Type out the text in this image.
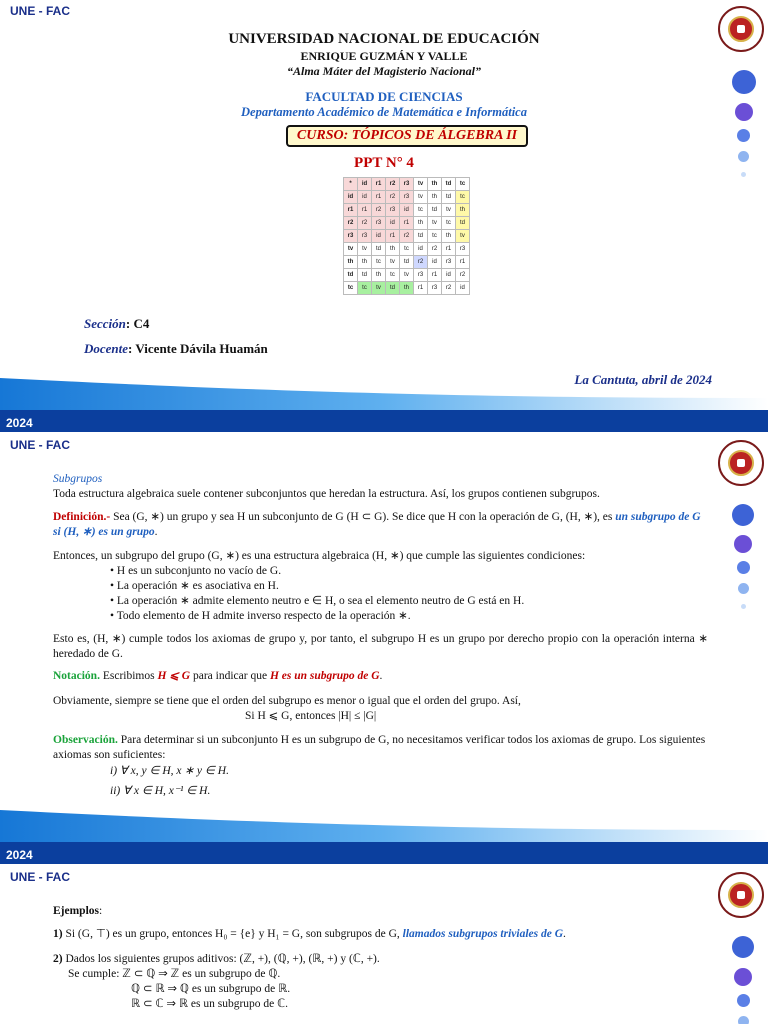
UNE - FAC
UNIVERSIDAD NACIONAL DE EDUCACIÓN
ENRIQUE GUZMÁN Y VALLE
“Alma Máter del Magisterio Nacional”
FACULTAD DE CIENCIAS
Departamento Académico de Matemática e Informática
CURSO: TÓPICOS DE ÁLGEBRA II
PPT N° 4
*	id	r1	r2	r3	tv	th	td	tc
id	id	r1	r2	r3	tv	th	td	tc
r1	r1	r2	r3	id	tc	td	tv	th
r2	r2	r3	id	r1	th	tv	tc	td
r3	r3	id	r1	r2	td	tc	th	tv
tv	tv	td	th	tc	id	r2	r1	r3
th	th	tc	tv	td	r2	id	r3	r1
td	td	th	tc	tv	r3	r1	id	r2
tc	tc	tv	td	th	r1	r3	r2	id
Sección: C4
Docente: Vicente Dávila Huamán
La Cantuta, abril de 2024
2024
UNE - FAC
Subgrupos
Toda estructura algebraica suele contener subconjuntos que heredan la estructura. Así, los grupos contienen subgrupos.
Definición.- Sea (G, ∗) un grupo y sea H un subconjunto de G (H ⊂ G). Se dice que H con la operación de G, (H, ∗), es un subgrupo de G si (H, ∗) es un grupo.
Entonces, un subgrupo del grupo (G, ∗) es una estructura algebraica (H, ∗) que cumple las siguientes condiciones:
• H es un subconjunto no vacío de G.
• La operación ∗ es asociativa en H.
• La operación ∗ admite elemento neutro e ∈ H, o sea el elemento neutro de G está en H.
• Todo elemento de H admite inverso respecto de la operación ∗.
Esto es, (H, ∗) cumple todos los axiomas de grupo y, por tanto, el subgrupo H es un grupo por derecho propio con la operación interna ∗ heredado de G.
Notación. Escribimos H ⩽ G para indicar que H es un subgrupo de G.
Obviamente, siempre se tiene que el orden del subgrupo es menor o igual que el orden del grupo. Así,
Si H ⩽ G, entonces |H| ≤ |G|
Observación. Para determinar si un subconjunto H es un subgrupo de G, no necesitamos verificar todos los axiomas de grupo. Los siguientes axiomas son suficientes:
i) ∀ x, y ∈ H, x ∗ y ∈ H.
ii) ∀ x ∈ H, x⁻¹ ∈ H.
2024
UNE - FAC
Ejemplos:
1) Si (G, ⊤) es un grupo, entonces H₀ = {e} y H₁ = G, son subgrupos de G, llamados subgrupos triviales de G.
2) Dados los siguientes grupos aditivos: (ℤ, +), (ℚ, +), (ℝ, +) y (ℂ, +).
Se cumple: ℤ ⊂ ℚ ⇒ ℤ es un subgrupo de ℚ.
ℚ ⊂ ℝ ⇒ ℚ es un subgrupo de ℝ.
ℝ ⊂ ℂ ⇒ ℝ es un subgrupo de ℂ.
